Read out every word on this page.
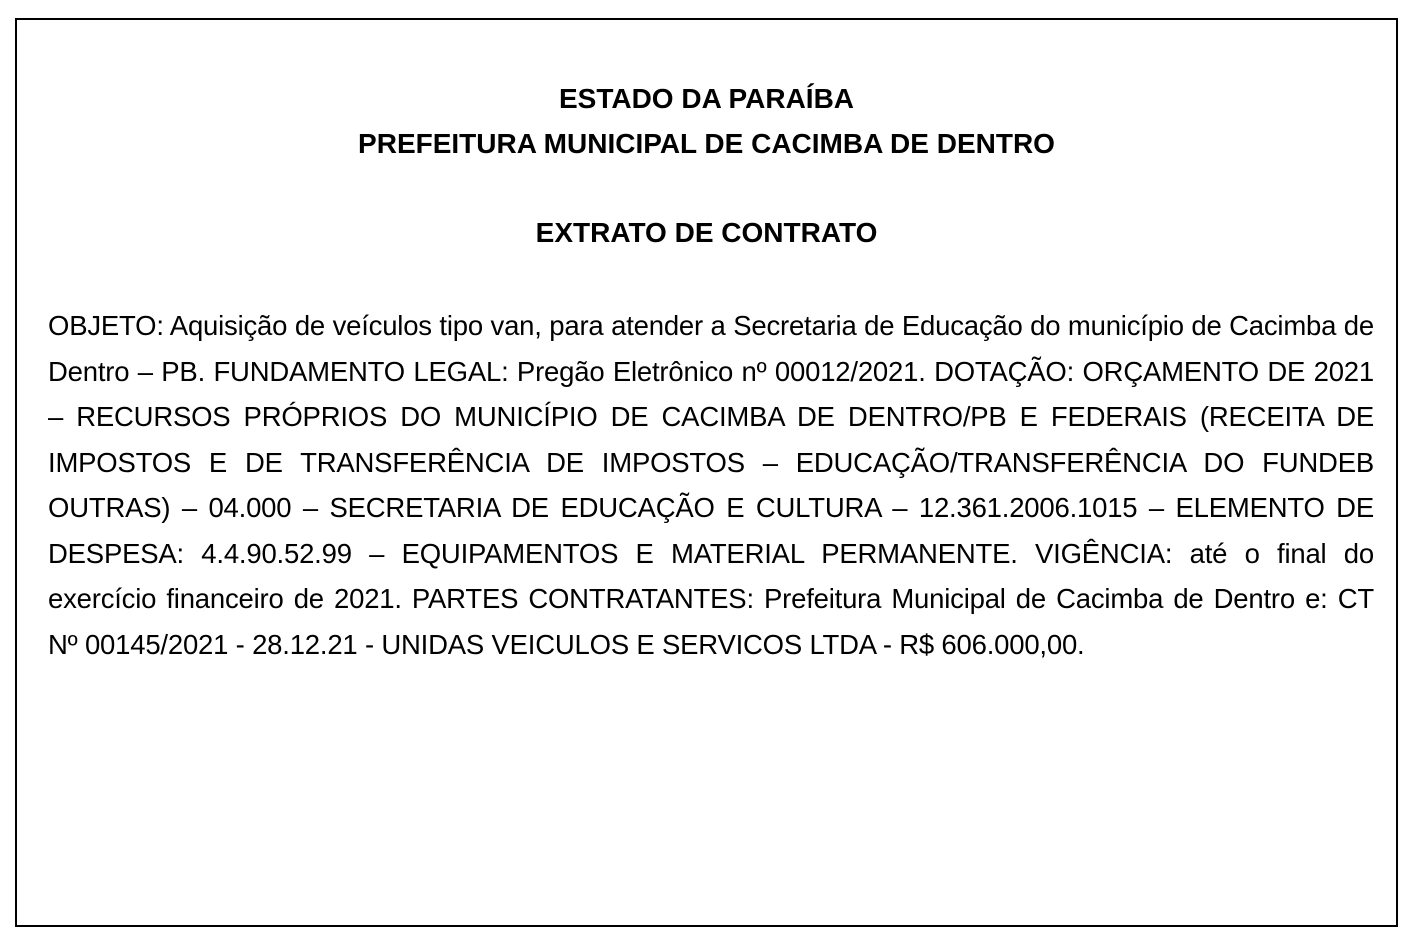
ESTADO DA PARAÍBA
PREFEITURA MUNICIPAL DE CACIMBA DE DENTRO
EXTRATO DE CONTRATO

OBJETO: Aquisição de veículos tipo van, para atender a Secretaria de Educação do município de Cacimba de Dentro – PB. FUNDAMENTO LEGAL: Pregão Eletrônico nº 00012/2021. DOTAÇÃO: ORÇAMENTO DE 2021 – RECURSOS PRÓPRIOS DO MUNICÍPIO DE CACIMBA DE DENTRO/PB E FEDERAIS (RECEITA DE IMPOSTOS E DE TRANSFERÊNCIA DE IMPOSTOS – EDUCAÇÃO/TRANSFERÊNCIA DO FUNDEB OUTRAS) – 04.000 – SECRETARIA DE EDUCAÇÃO E CULTURA – 12.361.2006.1015 – ELEMENTO DE DESPESA: 4.4.90.52.99 – EQUIPAMENTOS E MATERIAL PERMANENTE. VIGÊNCIA: até o final do exercício financeiro de 2021. PARTES CONTRATANTES: Prefeitura Municipal de Cacimba de Dentro e: CT Nº 00145/2021 - 28.12.21 - UNIDAS VEICULOS E SERVICOS LTDA - R$ 606.000,00.
